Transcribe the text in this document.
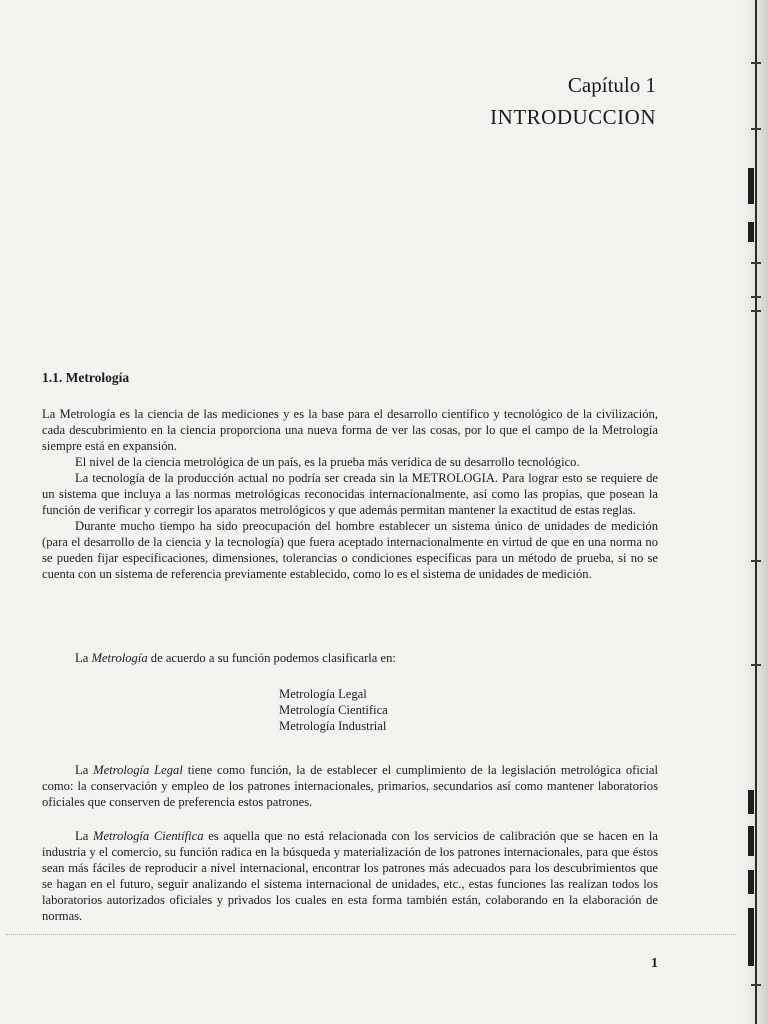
Capítulo 1
INTRODUCCION
1.1. Metrología

La Metrología es la ciencia de las mediciones y es la base para el desarrollo científico y tecnológico de la civilización, cada descubrimiento en la ciencia proporciona una nueva forma de ver las cosas, por lo que el campo de la Metrología siempre está en expansión.

El nivel de la ciencia metrológica de un país, es la prueba más verídica de su desarrollo tecnológico.

La tecnología de la producción actual no podría ser creada sin la METROLOGIA. Para lograr esto se requiere de un sistema que incluya a las normas metrológicas reconocidas internacionalmente, así como las propias, que posean la función de verificar y corregir los aparatos metrológicos y que además permitan mantener la exactitud de estas reglas.

Durante mucho tiempo ha sido preocupación del hombre establecer un sistema único de unidades de medición (para el desarrollo de la ciencia y la tecnología) que fuera aceptado internacionalmente en virtud de que en una norma no se pueden fijar especificaciones, dimensiones, tolerancias o condiciones específicas para un método de prueba, si no se cuenta con un sistema de referencia previamente establecido, como lo es el sistema de unidades de medición.

La Metrología de acuerdo a su función podemos clasificarla en:

Metrología Legal
Metrología Científica
Metrología Industrial

La Metrología Legal tiene como función, la de establecer el cumplimiento de la legislación metrológica oficial como: la conservación y empleo de los patrones internacionales, primarios, secundarios así como mantener laboratorios oficiales que conserven de preferencia estos patrones.

La Metrología Científica es aquella que no está relacionada con los servicios de calibración que se hacen en la industria y el comercio, su función radica en la búsqueda y materialización de los patrones internacionales, para que éstos sean más fáciles de reproducir a nivel internacional, encontrar los patrones más adecuados para los descubrimientos que se hagan en el futuro, seguir analizando el sistema internacional de unidades, etc., estas funciones las realizan todos los laboratorios autorizados oficiales y privados los cuales en esta forma también están, colaborando en la elaboración de normas.

1
